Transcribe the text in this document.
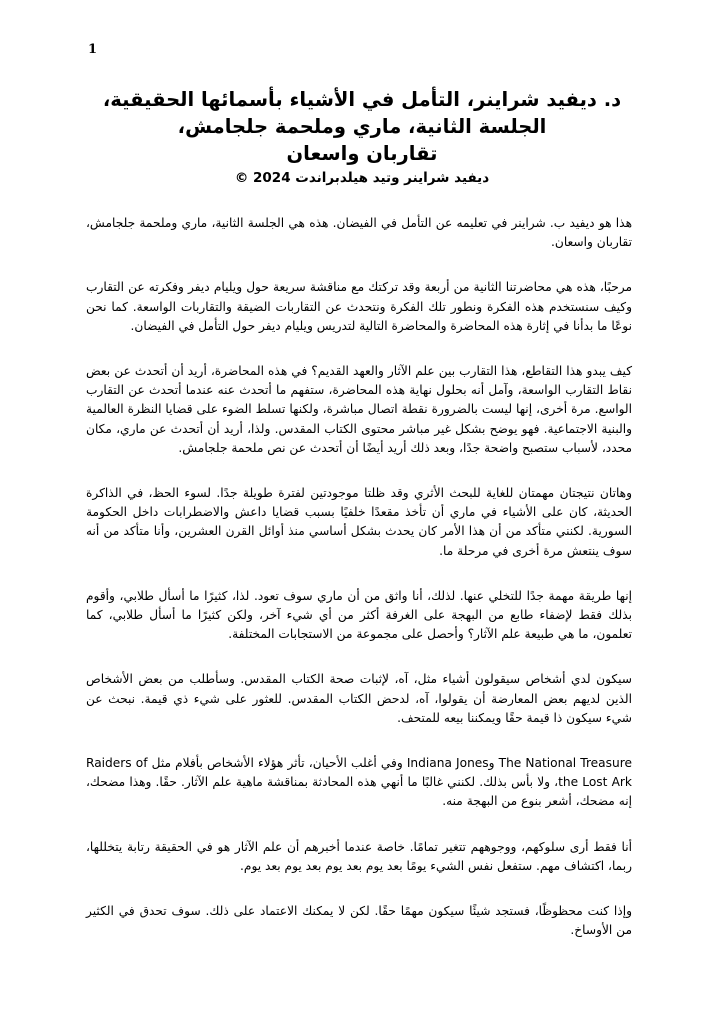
1
د. ديفيد شراينر، التأمل في الأشياء بأسمائها الحقيقية،
الجلسة الثانية، ماري وملحمة جلجامش،
تقاربان واسعان
ديفيد شراينر وتيد هيلدبراندت 2024 ©

هذا هو ديفيد ب. شراينر في تعليمه عن التأمل في الفيضان. هذه هي الجلسة الثانية، ماري وملحمة جلجامش، تقاربان واسعان.

مرحبًا، هذه هي محاضرتنا الثانية من أربعة وقد تركتك مع مناقشة سريعة حول ويليام ديفر وفكرته عن التقارب وكيف سنستخدم هذه الفكرة ونطور تلك الفكرة ونتحدث عن التقاربات الضيقة والتقاربات الواسعة. كما نحن نوعًا ما بدأنا في إثارة هذه المحاضرة والمحاضرة التالية لتدريس ويليام ديفر حول التأمل في الفيضان.

كيف يبدو هذا التقاطع، هذا التقارب بين علم الآثار والعهد القديم؟ في هذه المحاضرة، أريد أن أتحدث عن بعض نقاط التقارب الواسعة، وآمل أنه بحلول نهاية هذه المحاضرة، ستفهم ما أتحدث عنه عندما أتحدث عن التقارب الواسع. مرة أخرى، إنها ليست بالضرورة نقطة اتصال مباشرة، ولكنها تسلط الضوء على قضايا النظرة العالمية والبنية الاجتماعية. فهو يوضح بشكل غير مباشر محتوى الكتاب المقدس. ولذا، أريد أن أتحدث عن ماري، مكان محدد، لأسباب ستصبح واضحة جدًا، وبعد ذلك أريد أيضًا أن أتحدث عن نص ملحمة جلجامش.

وهاتان نتيجتان مهمتان للغاية للبحث الأثري وقد ظلتا موجودتين لفترة طويلة جدًا. لسوء الحظ، في الذاكرة الحديثة، كان على الأشياء في ماري أن تأخذ مقعدًا خلفيًا بسبب قضايا داعش والاضطرابات داخل الحكومة السورية. لكنني متأكد من أن هذا الأمر كان يحدث بشكل أساسي منذ أوائل القرن العشرين، وأنا متأكد من أنه سوف ينتعش مرة أخرى في مرحلة ما.

إنها طريقة مهمة جدًا للتخلي عنها. لذلك، أنا واثق من أن ماري سوف تعود. لذا، كثيرًا ما أسأل طلابي، وأقوم بذلك فقط لإضفاء طابع من البهجة على الغرفة أكثر من أي شيء آخر، ولكن كثيرًا ما أسأل طلابي، كما تعلمون، ما هي طبيعة علم الآثار؟ وأحصل على مجموعة من الاستجابات المختلفة.

سيكون لدي أشخاص سيقولون أشياء مثل، آه، لإثبات صحة الكتاب المقدس. وسأطلب من بعض الأشخاص الذين لديهم بعض المعارضة أن يقولوا، آه، لدحض الكتاب المقدس. للعثور على شيء ذي قيمة. نبحث عن شيء سيكون ذا قيمة حقًا ويمكننا بيعه للمتحف.

The National Treasure وIndiana Jones وفي أغلب الأحيان، تأثر هؤلاء الأشخاص بأفلام مثل Raiders of the Lost Ark، ولا بأس بذلك. لكنني غالبًا ما أنهي هذه المحادثة بمناقشة ماهية علم الآثار. حقًا. وهذا مضحك، إنه مضحك، أشعر بنوع من البهجة منه.

أنا فقط أرى سلوكهم، ووجوههم تتغير تمامًا. خاصة عندما أخبرهم أن علم الآثار هو في الحقيقة رتابة يتخللها، ربما، اكتشاف مهم. ستفعل نفس الشيء يومًا بعد يوم بعد يوم بعد يوم بعد يوم.

وإذا كنت محظوظًا، فستجد شيئًا سيكون مهمًا حقًا. لكن لا يمكنك الاعتماد على ذلك. سوف تحدق في الكثير من الأوساخ.
